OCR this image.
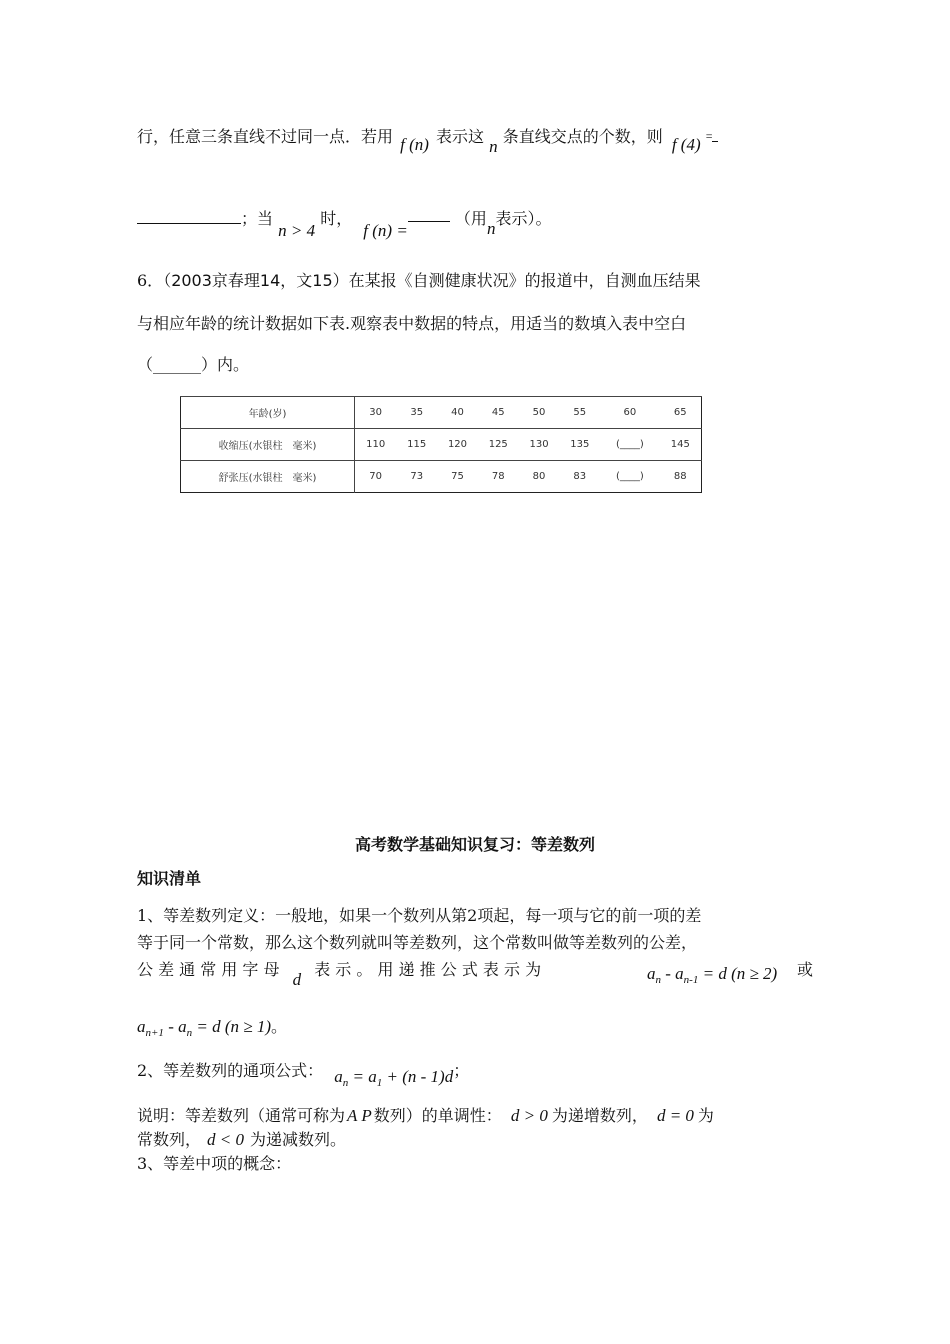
行，任意三条直线不过同一点．若用 f (n) 表示这 n 条直线交点的个数，则 f (4) =
；当 n > 4 时， f (n) = （用n表示）。
6．（2003京春理14，文15）在某报《自测健康状况》的报道中，自测血压结果
与相应年龄的统计数据如下表.观察表中数据的特点，用适当的数填入表中空白
（______）内。
年龄(岁)	30	35	40	45	50	55	60	65
收缩压(水银柱　毫米)	110	115	120	125	130	135	(____)	145
舒张压(水银柱　毫米)	70	73	75	78	80	83	(____)	88
高考数学基础知识复习：等差数列
知识清单
1、等差数列定义：一般地，如果一个数列从第2项起，每一项与它的前一项的差
等于同一个常数，那么这个数列就叫等差数列，这个常数叫做等差数列的公差，
公 差 通 常 用 字 母 d 表 示 。 用 递 推 公 式 表 示 为	$a_n - a_{n-1} = d$ (n ≥ 2) 或
$a_{n+1} - a_n = d$ (n ≥ 1)。
2、等差数列的通项公式： $a_n = a_1 + (n - 1)d$；
说明：等差数列（通常可称为 A P 数列）的单调性： d > 0 为递增数列， d = 0 为
常数列， d < 0 为递减数列。
3、等差中项的概念：
